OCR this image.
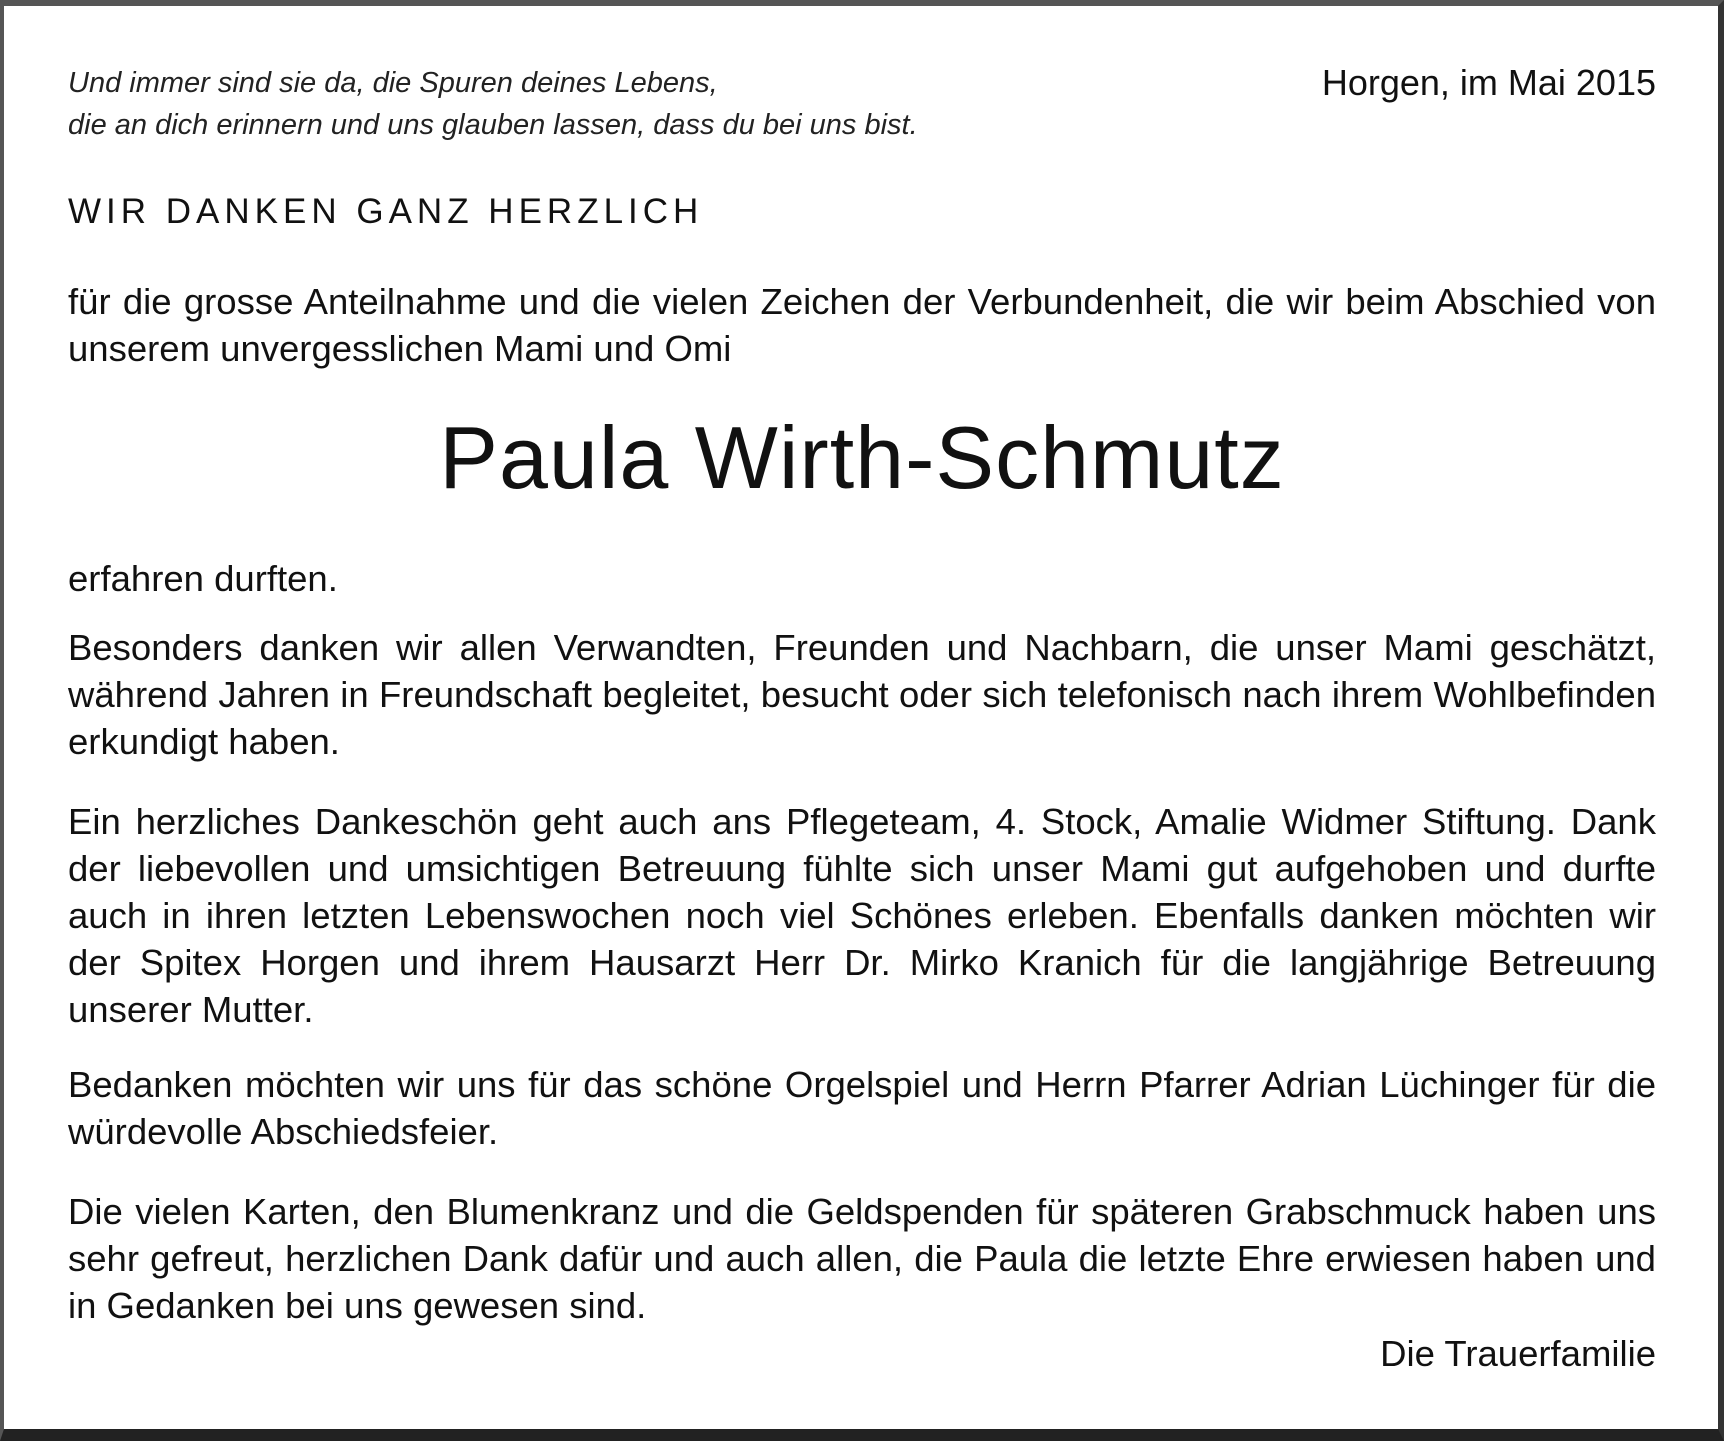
Und immer sind sie da, die Spuren deines Lebens,
die an dich erinnern und uns glauben lassen, dass du bei uns bist.
Horgen, im Mai 2015
WIR DANKEN GANZ HERZLICH

für die grosse Anteilnahme und die vielen Zeichen der Verbundenheit, die wir beim Abschied von unserem unvergesslichen Mami und Omi

Paula Wirth-Schmutz

erfahren durften.

Besonders danken wir allen Verwandten, Freunden und Nachbarn, die unser Mami geschätzt, während Jahren in Freundschaft begleitet, besucht oder sich telefonisch nach ihrem Wohlbefinden erkundigt haben.

Ein herzliches Dankeschön geht auch ans Pflegeteam, 4. Stock, Amalie Widmer Stiftung. Dank der liebevollen und umsichtigen Betreuung fühlte sich unser Mami gut aufgehoben und durfte auch in ihren letzten Lebenswochen noch viel Schönes erleben. Ebenfalls danken möchten wir der Spitex Horgen und ihrem Hausarzt Herr Dr. Mirko Kranich für die langjährige Betreuung unserer Mutter.

Bedanken möchten wir uns für das schöne Orgelspiel und Herrn Pfarrer Adrian Lüchinger für die würdevolle Abschiedsfeier.

Die vielen Karten, den Blumenkranz und die Geldspenden für späteren Grabschmuck haben uns sehr gefreut, herzlichen Dank dafür und auch allen, die Paula die letzte Ehre erwiesen haben und in Gedanken bei uns gewesen sind.

Die Trauerfamilie
